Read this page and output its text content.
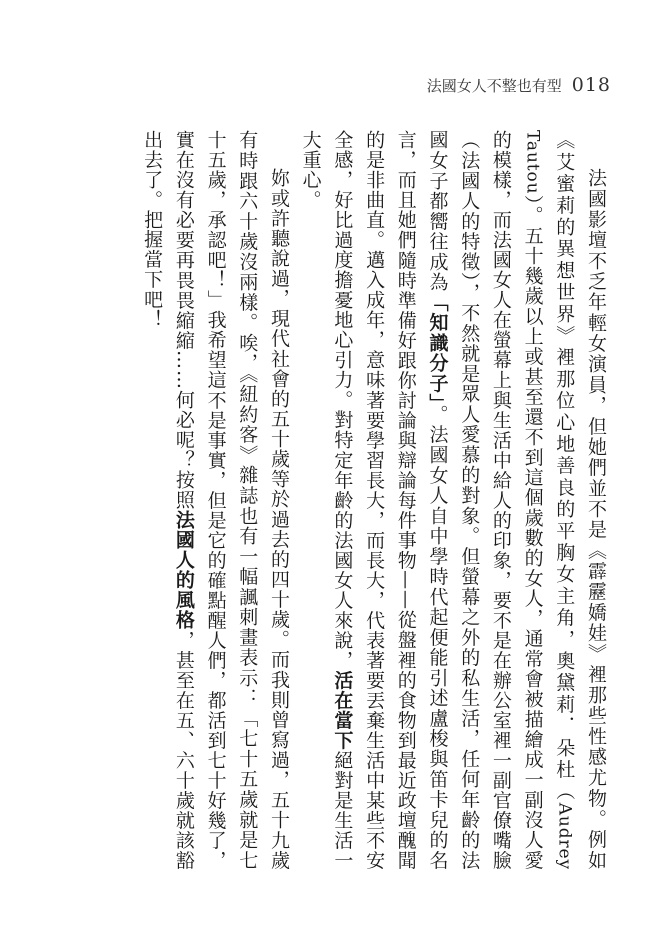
法國女人不整也有型 018

法國影壇不乏年輕女演員，但她們並不是《霹靂嬌娃》裡那些性感尤物。例如《艾蜜莉的異想世界》裡那位心地善良的平胸女主角，奧黛莉．朵杜（Audrey Tautou）。五十幾歲以上或甚至還不到這個歲數的女人，通常會被描繪成一副沒人愛的模樣，而法國女人在螢幕上與生活中給人的印象，要不是在辦公室裡一副官僚嘴臉（法國人的特徵），不然就是眾人愛慕的對象。但螢幕之外的私生活，任何年齡的法國女子都嚮往成為「知識分子」。法國女人自中學時代起便能引述盧梭與笛卡兒的名言，而且她們隨時準備好跟你討論與辯論每件事物——從盤裡的食物到最近政壇醜聞的是非曲直。邁入成年，意味著要學習長大，而長大，代表著要丟棄生活中某些不安全感，好比過度擔憂地心引力。對特定年齡的法國女人來說，活在當下絕對是生活一大重心。

妳或許聽說過，現代社會的五十歲等於過去的四十歲。而我則曾寫過，五十九歲有時跟六十歲沒兩樣。唉，《紐約客》雜誌也有一幅諷刺畫表示：「七十五歲就是七十五歲，承認吧！」我希望這不是事實，但是它的確點醒人們，都活到七十好幾了，實在沒有必要再畏畏縮縮……何必呢？按照法國人的風格，甚至在五、六十歲就該豁出去了。把握當下吧！
